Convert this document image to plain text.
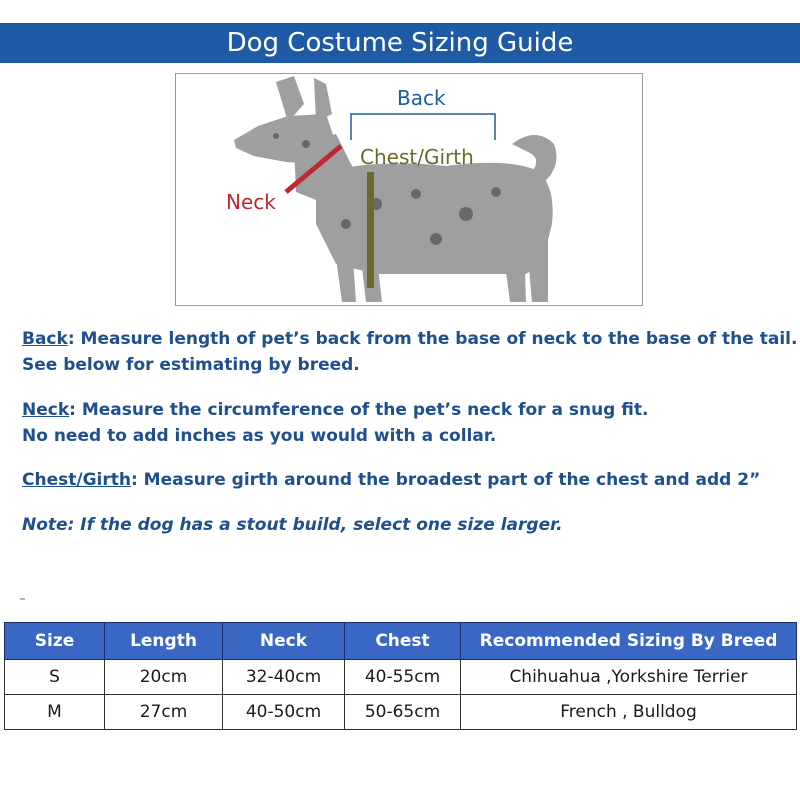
Dog Costume Sizing Guide
Back
Chest/Girth
Neck
Back: Measure length of pet’s back from the base of neck to the base of the tail.
See below for estimating by breed.
Neck: Measure the circumference of the pet’s neck for a snug fit.
No need to add inches as you would with a collar.
Chest/Girth: Measure girth around the broadest part of the chest and add 2”
Note: If the dog has a stout build, select one size larger.
Size	Length	Neck	Chest	Recommended Sizing By Breed
S	20cm	32-40cm	40-55cm	Chihuahua ,Yorkshire Terrier
M	27cm	40-50cm	50-65cm	French , Bulldog
